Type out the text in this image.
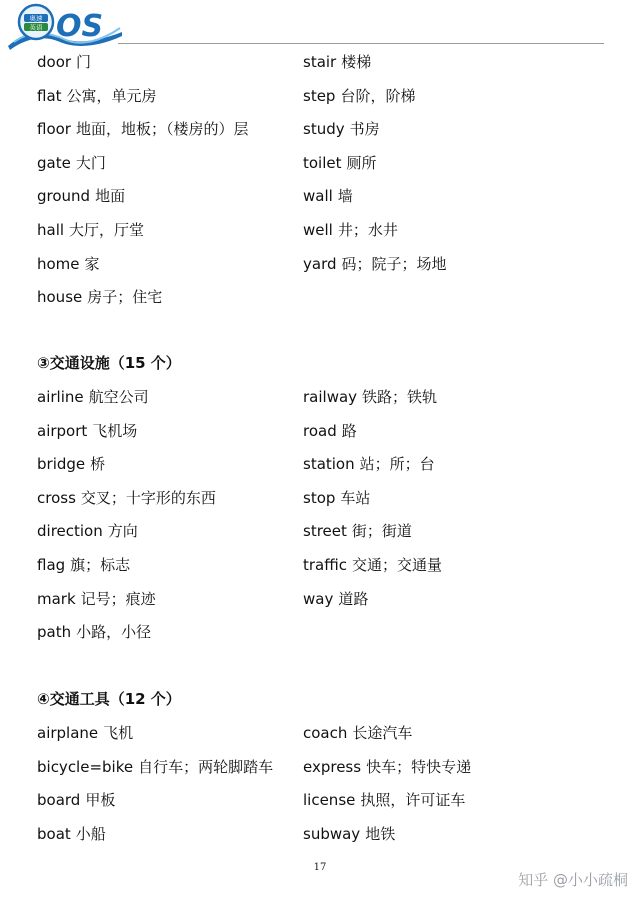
奥速
英语 OS
door 门
flat 公寓，单元房
floor 地面，地板；（楼房的）层
gate 大门
ground 地面
hall 大厅，厅堂
home 家
house 房子；住宅
stair 楼梯
step 台阶，阶梯
study 书房
toilet 厕所
wall 墙
well 井；水井
yard 码；院子；场地
③交通设施（15 个）
airline 航空公司
airport 飞机场
bridge 桥
cross 交叉；十字形的东西
direction 方向
flag 旗；标志
mark 记号；痕迹
path 小路，小径
railway 铁路；铁轨
road 路
station 站；所；台
stop 车站
street 街；街道
traffic 交通；交通量
way 道路
④交通工具（12 个）
airplane 飞机
bicycle=bike 自行车；两轮脚踏车
board 甲板
boat 小船
coach 长途汽车
express 快车；特快专递
license 执照，许可证车
subway 地铁
17
知乎 @小小疏桐
